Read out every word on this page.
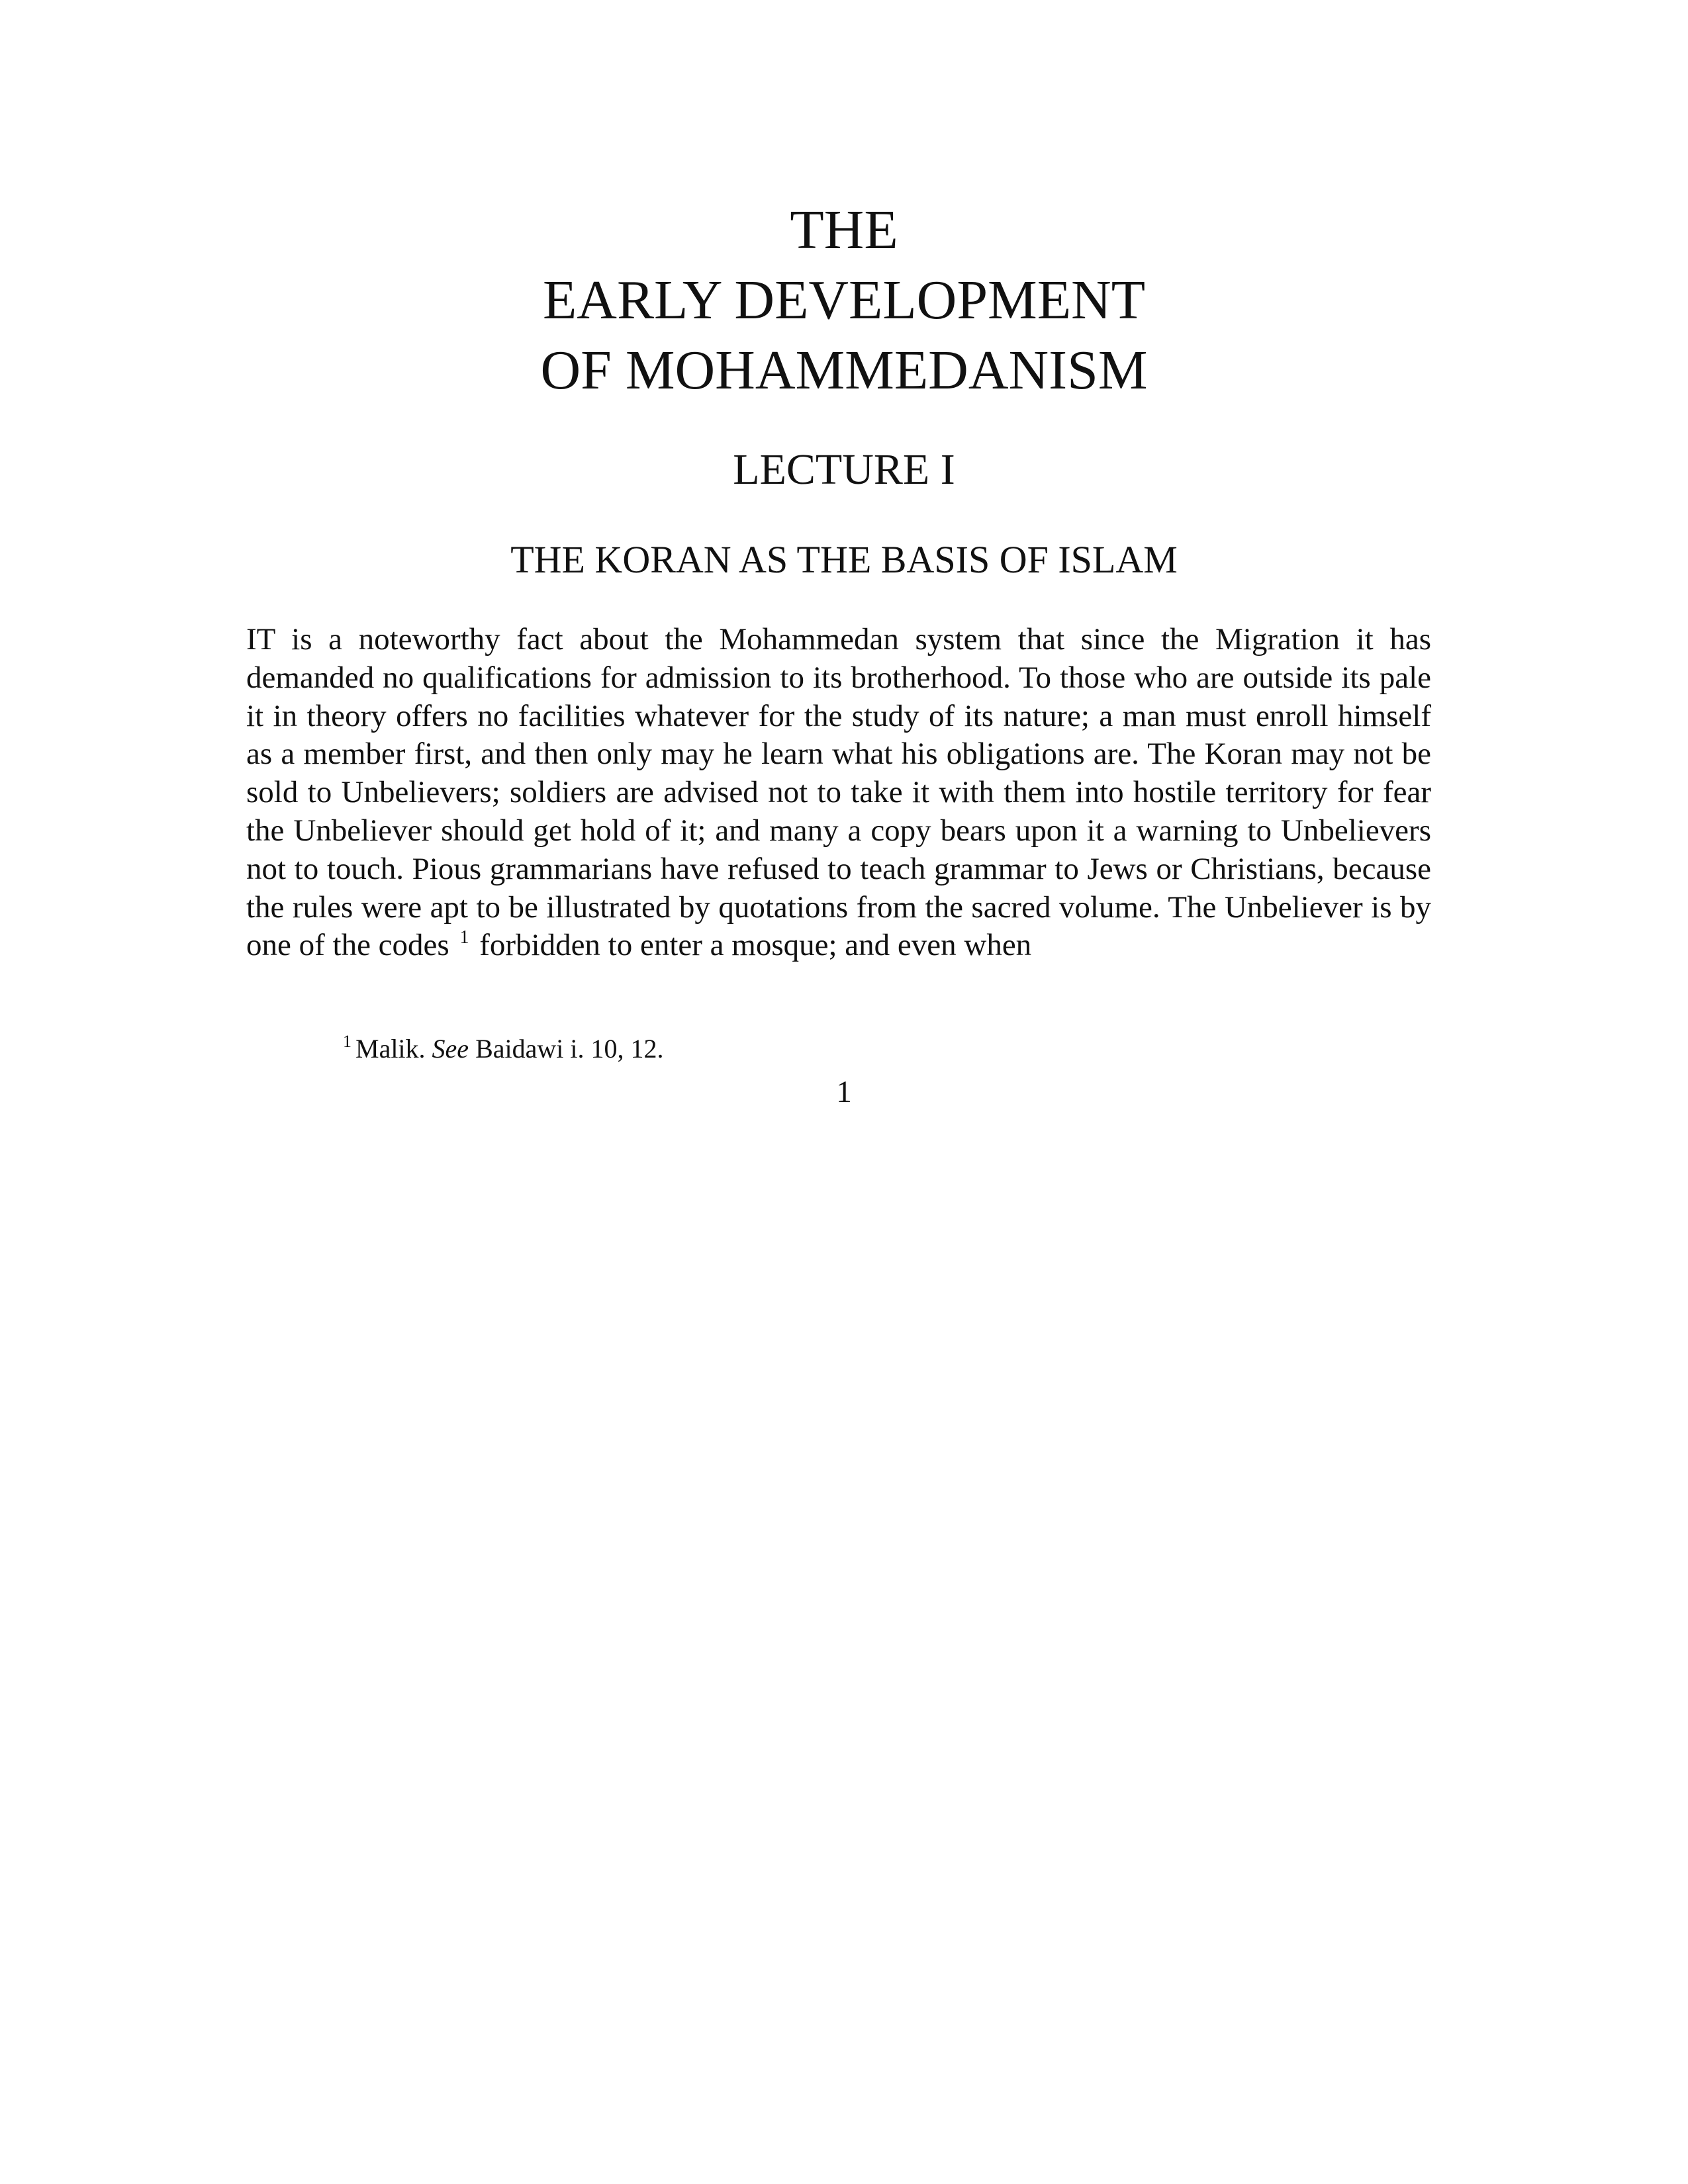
THE
EARLY DEVELOPMENT
OF MOHAMMEDANISM
LECTURE I
THE KORAN AS THE BASIS OF ISLAM

IT is a noteworthy fact about the Mohammedan system that since the Migration it has demanded no qualifications for admission to its brotherhood. To those who are outside its pale it in theory offers no facilities whatever for the study of its nature; a man must enroll himself as a member first, and then only may he learn what his obligations are. The Koran may not be sold to Unbelievers; soldiers are advised not to take it with them into hostile territory for fear the Unbeliever should get hold of it; and many a copy bears upon it a warning to Unbelievers not to touch. Pious grammarians have refused to teach grammar to Jews or Christians, because the rules were apt to be illustrated by quotations from the sacred volume. The Unbeliever is by one of the codes $^1$ forbidden to enter a mosque; and even when

$^1$ Malik. See Baidawi i. 10, 12.

1
